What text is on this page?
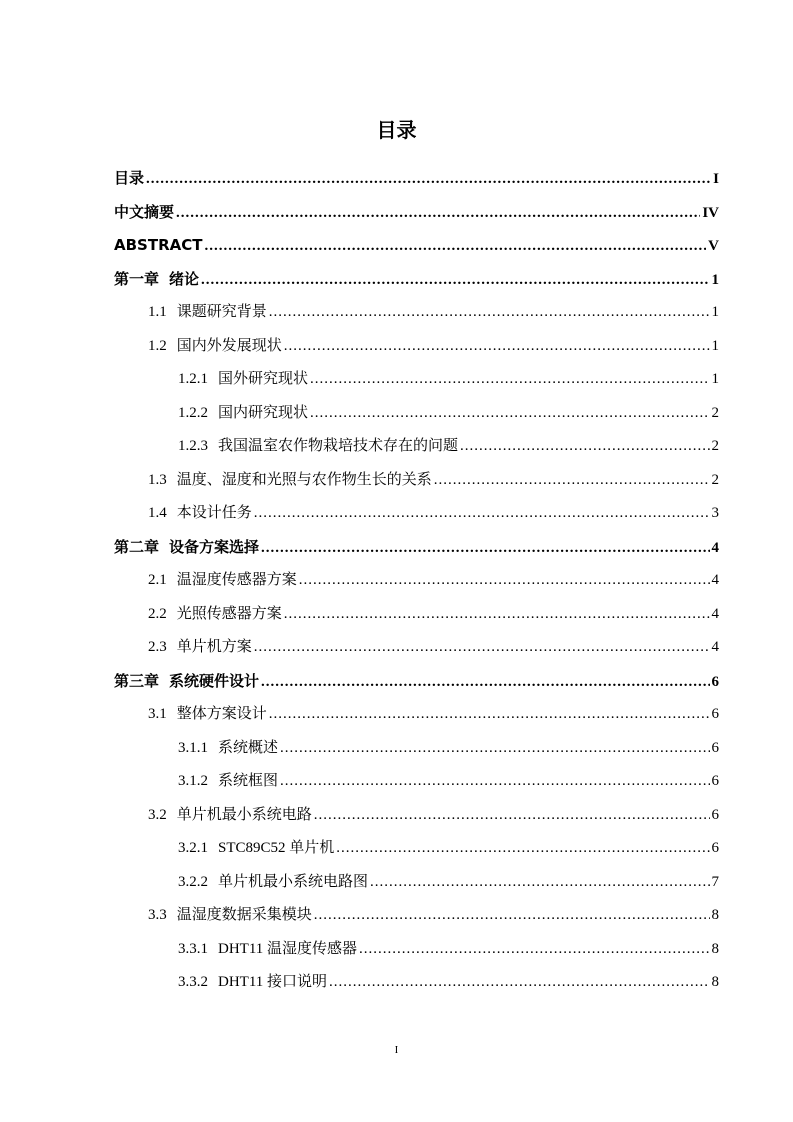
目录
目录 .....	I
中文摘要 .....	IV
ABSTRACT .....	V
第一章 绪论 .....	1
1.1 课题研究背景 .....	1
1.2 国内外发展现状 .....	1
1.2.1 国外研究现状 .....	1
1.2.2 国内研究现状 .....	2
1.2.3 我国温室农作物栽培技术存在的问题 .....	2
1.3 温度、湿度和光照与农作物生长的关系 .....	2
1.4 本设计任务 .....	3
第二章 设备方案选择 .....	4
2.1 温湿度传感器方案 .....	4
2.2 光照传感器方案 .....	4
2.3 单片机方案 .....	4
第三章 系统硬件设计 .....	6
3.1 整体方案设计 .....	6
3.1.1 系统概述 .....	6
3.1.2 系统框图 .....	6
3.2 单片机最小系统电路 .....	6
3.2.1 STC89C52 单片机 .....	6
3.2.2 单片机最小系统电路图 .....	7
3.3 温湿度数据采集模块 .....	8
3.3.1 DHT11 温湿度传感器 .....	8
3.3.2 DHT11 接口说明 .....	8
I
